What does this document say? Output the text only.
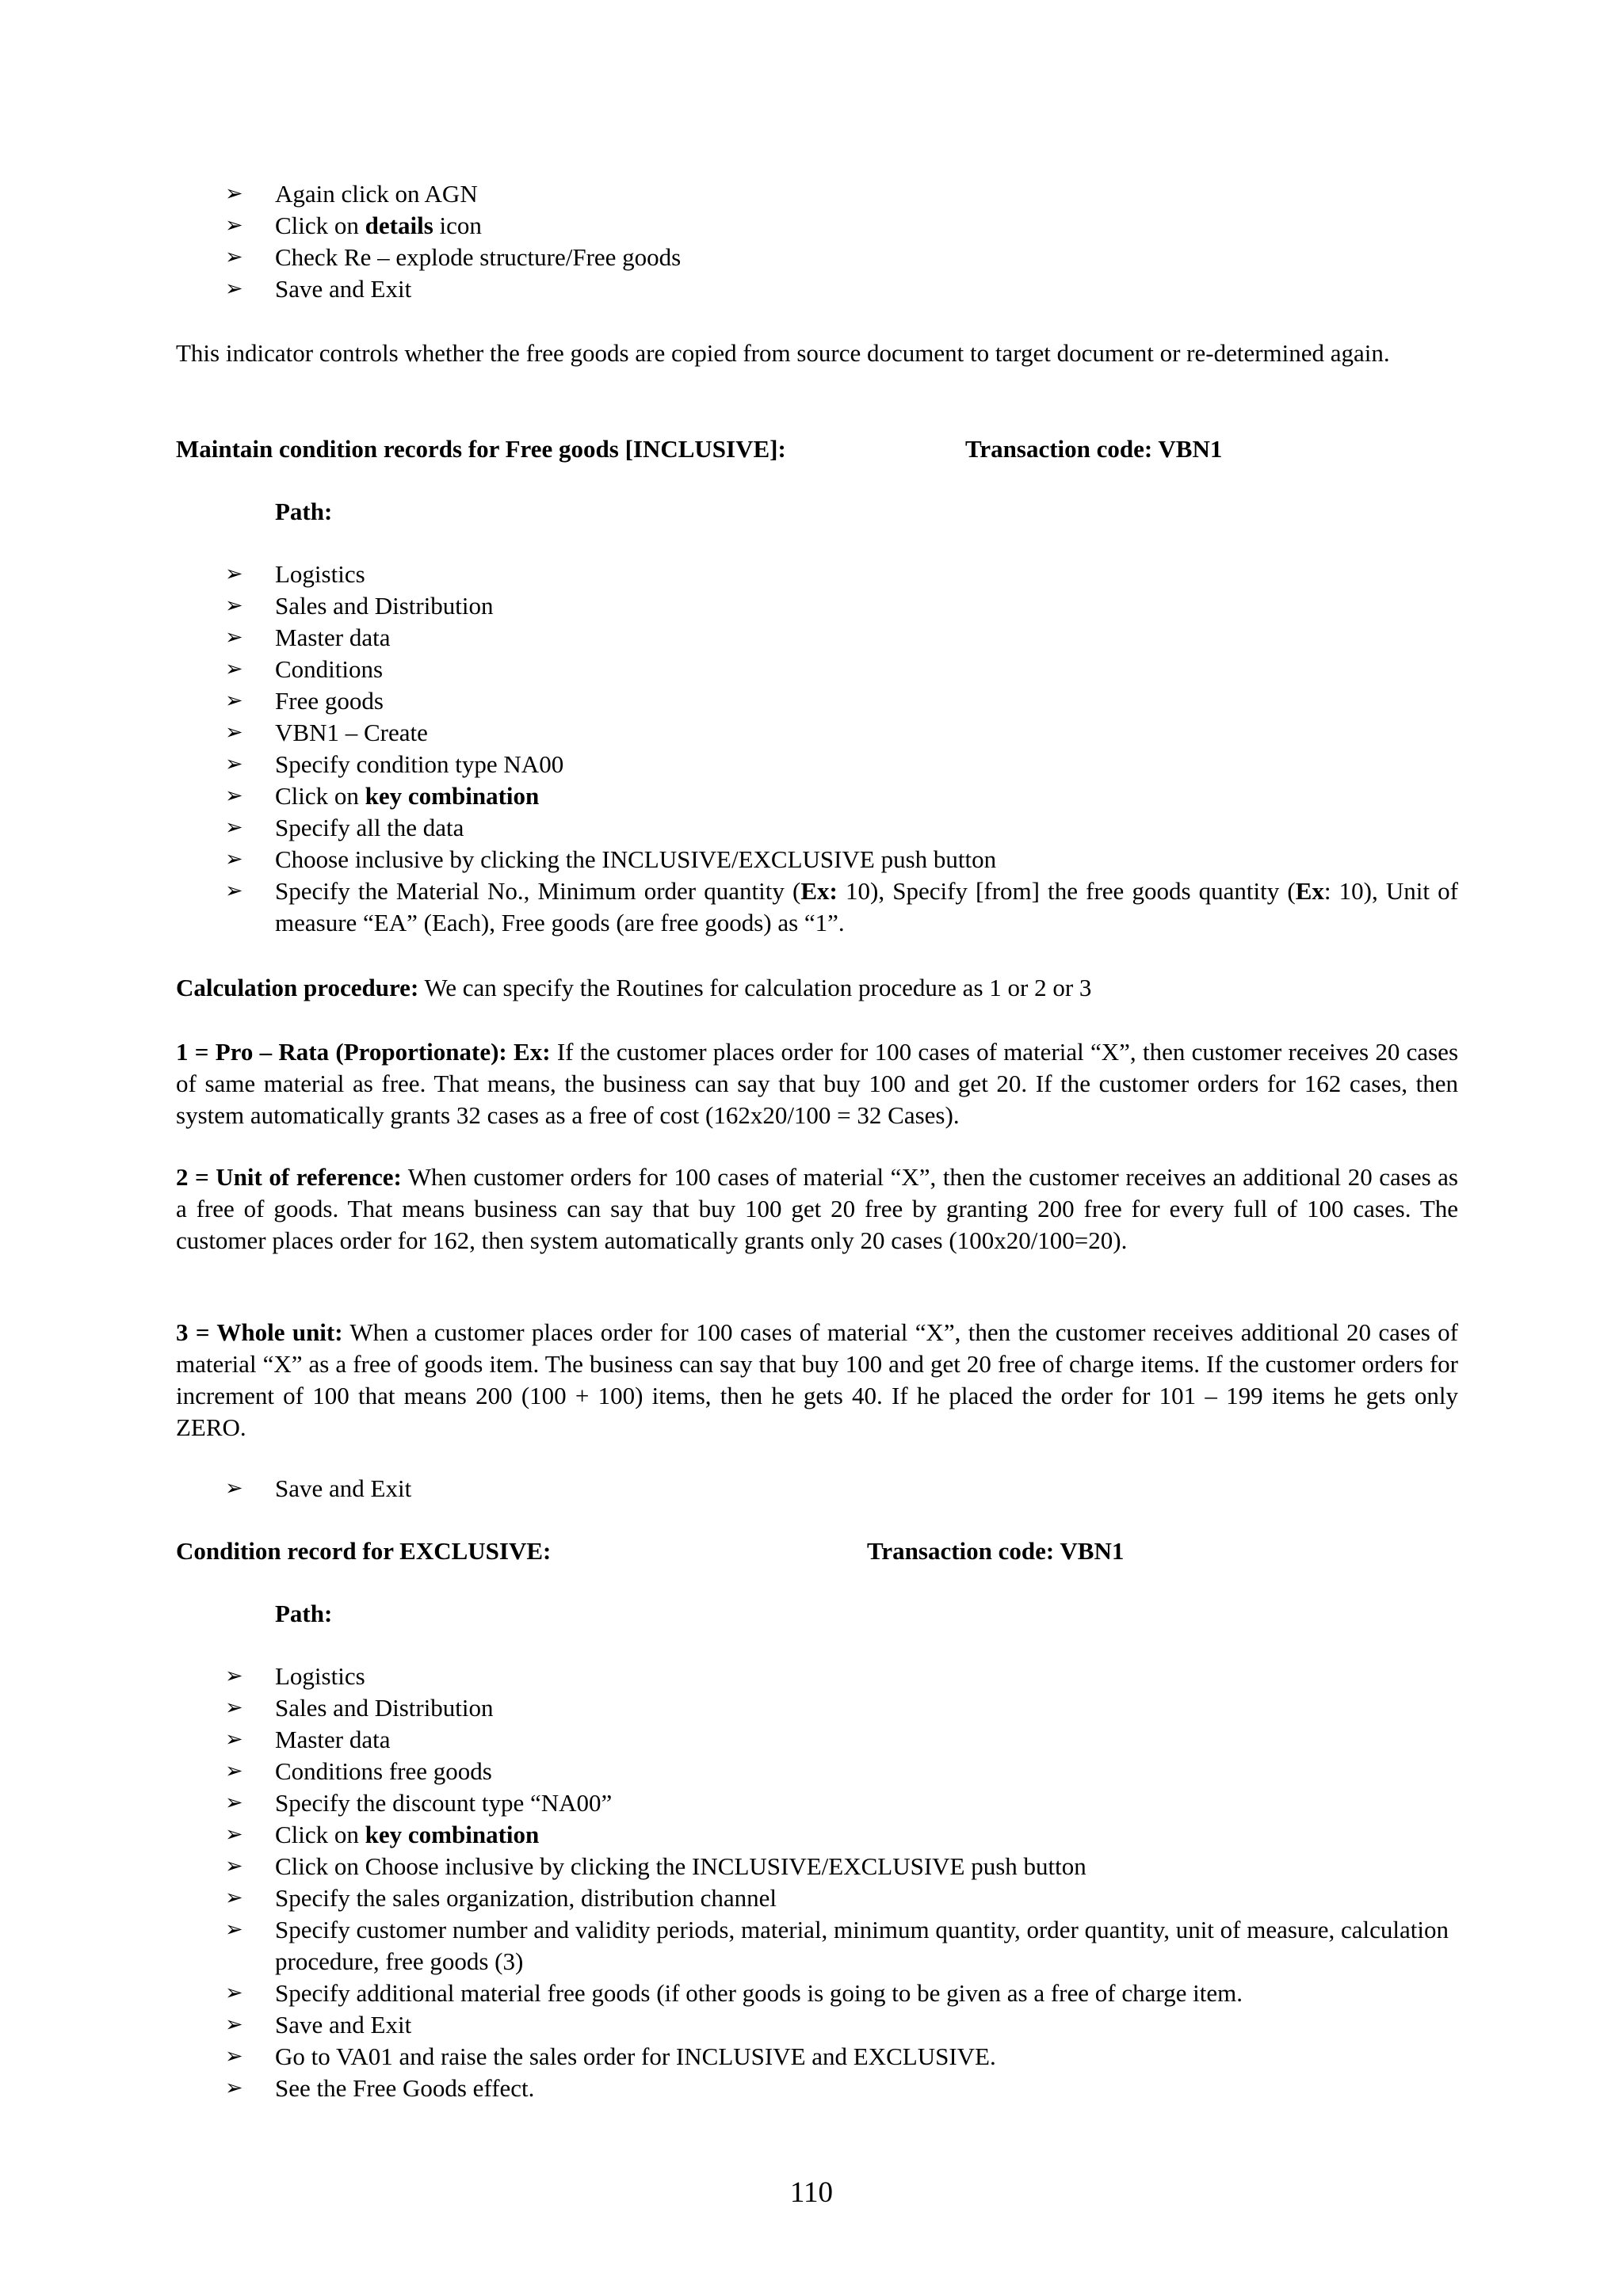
➢ Again click on AGN
➢ Click on details icon
➢ Check Re – explode structure/Free goods
➢ Save and Exit

This indicator controls whether the free goods are copied from source document to target document or re-determined again.

Maintain condition records for Free goods [INCLUSIVE]:	Transaction code: VBN1
Path:
➢ Logistics
➢ Sales and Distribution
➢ Master data
➢ Conditions
➢ Free goods
➢ VBN1 – Create
➢ Specify condition type NA00
➢ Click on key combination
➢ Specify all the data
➢ Choose inclusive by clicking the INCLUSIVE/EXCLUSIVE push button
➢ Specify the Material No., Minimum order quantity (Ex: 10), Specify [from] the free goods quantity (Ex: 10), Unit of measure “EA” (Each), Free goods (are free goods) as “1”.

Calculation procedure: We can specify the Routines for calculation procedure as 1 or 2 or 3

1 = Pro – Rata (Proportionate): Ex: If the customer places order for 100 cases of material “X”, then customer receives 20 cases of same material as free. That means, the business can say that buy 100 and get 20. If the customer orders for 162 cases, then system automatically grants 32 cases as a free of cost (162x20/100 = 32 Cases).

2 = Unit of reference: When customer orders for 100 cases of material “X”, then the customer receives an additional 20 cases as a free of goods. That means business can say that buy 100 get 20 free by granting 200 free for every full of 100 cases. The customer places order for 162, then system automatically grants only 20 cases (100x20/100=20).

3 = Whole unit: When a customer places order for 100 cases of material “X”, then the customer receives additional 20 cases of material “X” as a free of goods item. The business can say that buy 100 and get 20 free of charge items. If the customer orders for increment of 100 that means 200 (100 + 100) items, then he gets 40. If he placed the order for 101 – 199 items he gets only ZERO.

➢ Save and Exit
Condition record for EXCLUSIVE:	Transaction code: VBN1
Path:
➢ Logistics
➢ Sales and Distribution
➢ Master data
➢ Conditions free goods
➢ Specify the discount type “NA00”
➢ Click on key combination
➢ Click on Choose inclusive by clicking the INCLUSIVE/EXCLUSIVE push button
➢ Specify the sales organization, distribution channel
➢ Specify customer number and validity periods, material, minimum quantity, order quantity, unit of measure, calculation procedure, free goods (3)
➢ Specify additional material free goods (if other goods is going to be given as a free of charge item.
➢ Save and Exit
➢ Go to VA01 and raise the sales order for INCLUSIVE and EXCLUSIVE.
➢ See the Free Goods effect.
110
